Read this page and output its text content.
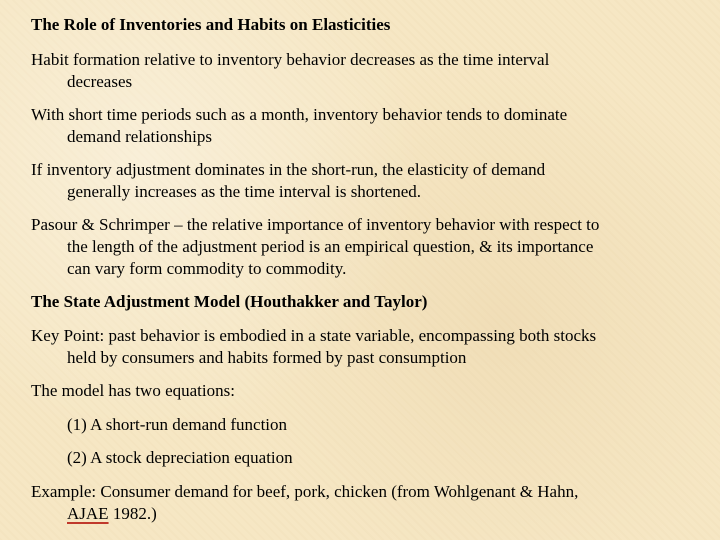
The Role of Inventories and Habits on Elasticities
Habit formation relative to inventory behavior decreases as the time interval
decreases
With short time periods such as a month, inventory behavior tends to dominate
demand relationships
If inventory adjustment dominates in the short-run, the elasticity of demand
generally increases as the time interval is shortened.
Pasour & Schrimper – the relative importance of inventory behavior with respect to
the length of the adjustment period is an empirical question, & its importance
can vary form commodity to commodity.
The State Adjustment Model (Houthakker and Taylor)
Key Point: past behavior is embodied in a state variable, encompassing both stocks
held by consumers and habits formed by past consumption
The model has two equations:
(1) A short-run demand function
(2) A stock depreciation equation
Example: Consumer demand for beef, pork, chicken (from Wohlgenant & Hahn,
AJAE 1982.)
